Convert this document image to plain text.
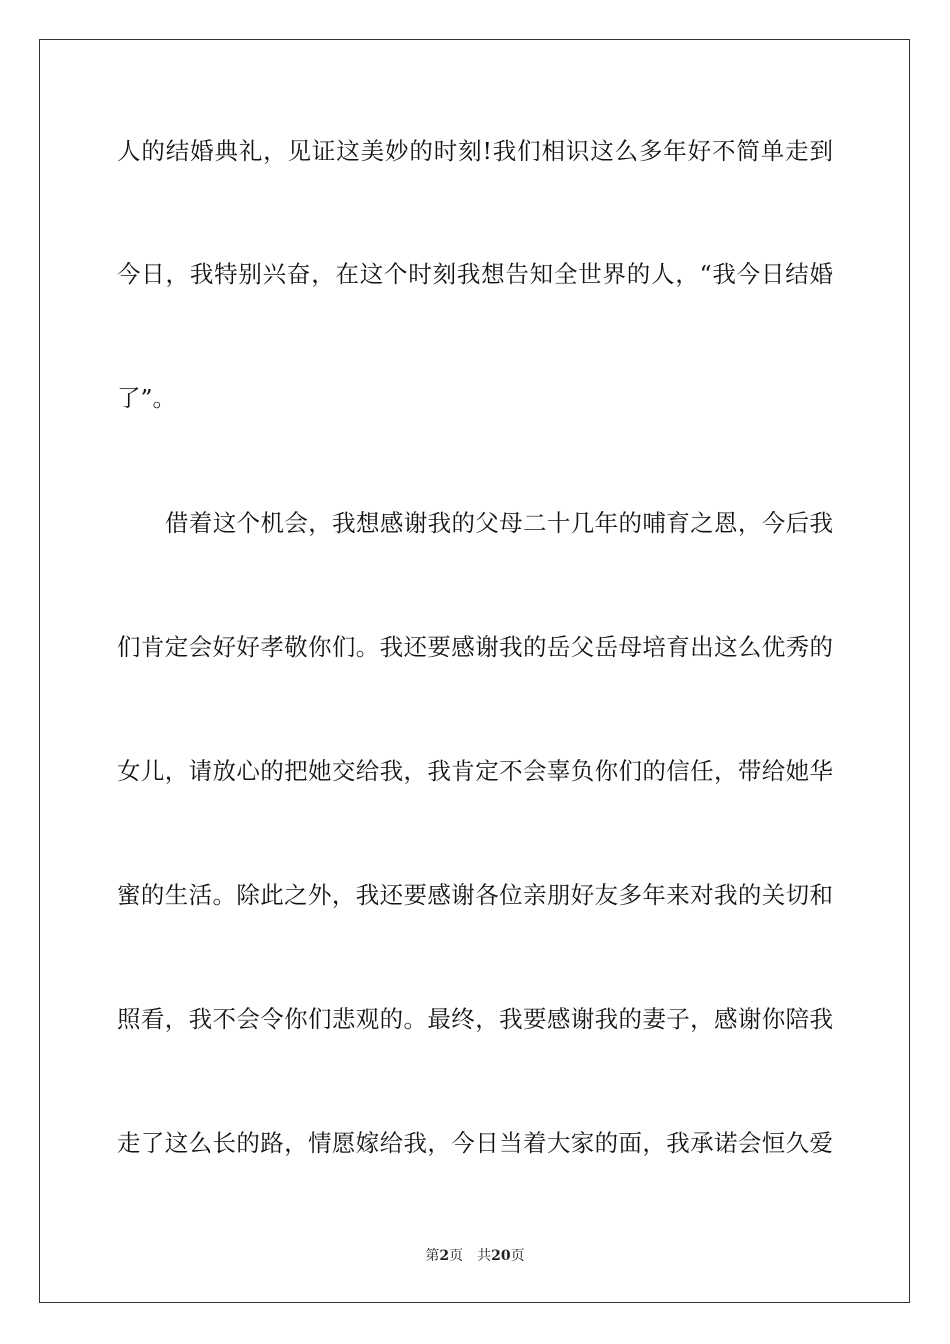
人的结婚典礼，见证这美妙的时刻!我们相识这么多年好不简单走到
今日，我特别兴奋，在这个时刻我想告知全世界的人，“我今日结婚
了”。
借着这个机会，我想感谢我的父母二十几年的哺育之恩，今后我
们肯定会好好孝敬你们。我还要感谢我的岳父岳母培育出这么优秀的
女儿，请放心的把她交给我，我肯定不会辜负你们的信任，带给她华
蜜的生活。除此之外，我还要感谢各位亲朋好友多年来对我的关切和
照看，我不会令你们悲观的。最终，我要感谢我的妻子，感谢你陪我
走了这么长的路，情愿嫁给我，今日当着大家的面，我承诺会恒久爱
第2页 共20页
